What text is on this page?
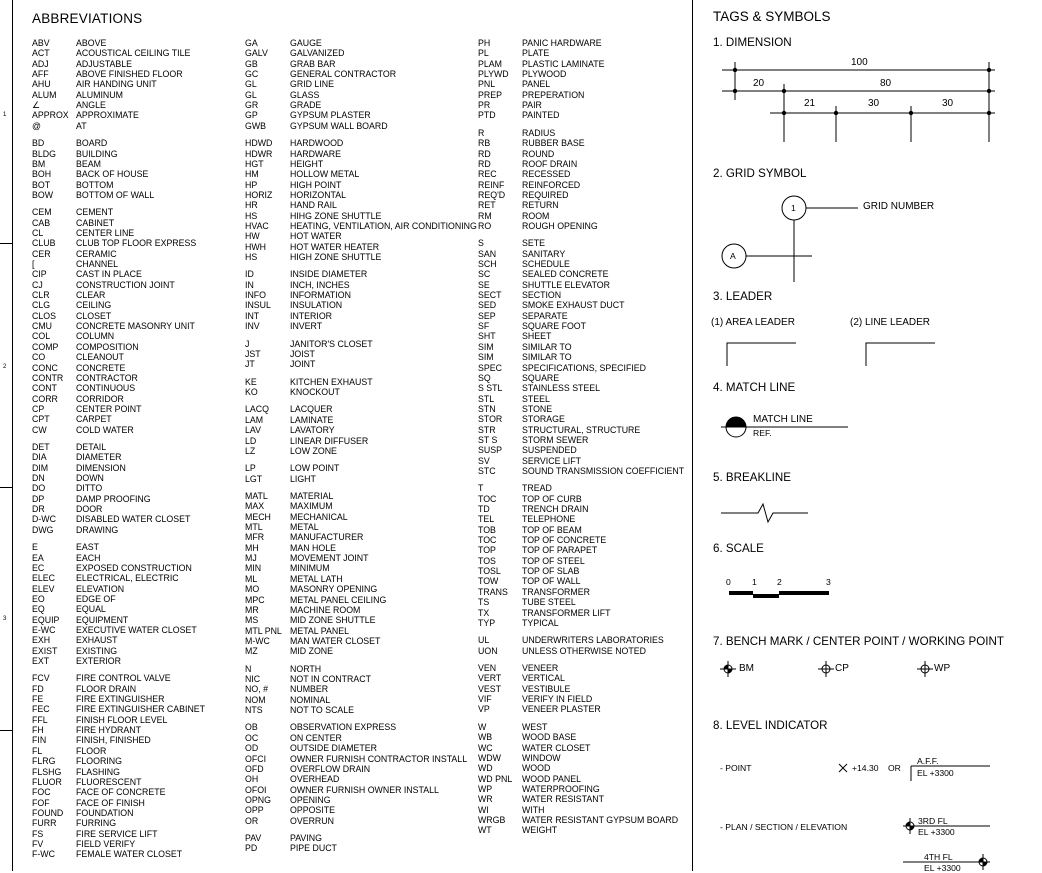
1
2
3
ABBREVIATIONS
ABV	ABOVE
ACT	ACOUSTICAL CEILING TILE
ADJ	ADJUSTABLE
AFF	ABOVE FINISHED FLOOR
AHU	AIR HANDING UNIT
ALUM	ALUMINUM
∠	ANGLE
APPROX APPROXIMATE
@	AT
BD	BOARD
BLDG	BUILDING
BM	BEAM
BOH	BACK OF HOUSE
BOT	BOTTOM
BOW	BOTTOM OF WALL
CEM	CEMENT
CAB	CABINET
CL	CENTER LINE
CLUB	CLUB TOP FLOOR EXPRESS
CER	CERAMIC
[	CHANNEL
CIP	CAST IN PLACE
CJ	CONSTRUCTION JOINT
CLR	CLEAR
CLG	CEILING
CLOS	CLOSET
CMU	CONCRETE MASONRY UNIT
COL	COLUMN
COMP	COMPOSITION
CO	CLEANOUT
CONC	CONCRETE
CONTR	CONTRACTOR
CONT	CONTINUOUS
CORR	CORRIDOR
CP	CENTER POINT
CPT	CARPET
CW	COLD WATER
DET	DETAIL
DIA	DIAMETER
DIM	DIMENSION
DN	DOWN
DO	DITTO
DP	DAMP PROOFING
DR	DOOR
D-WC	DISABLED WATER CLOSET
DWG	DRAWING
E	EAST
EA	EACH
EC	EXPOSED CONSTRUCTION
ELEC	ELECTRICAL, ELECTRIC
ELEV	ELEVATION
EO	EDGE OF
EQ	EQUAL
EQUIP	EQUIPMENT
E-WC	EXECUTIVE WATER CLOSET
EXH	EXHAUST
EXIST	EXISTING
EXT	EXTERIOR
FCV	FIRE CONTROL VALVE
FD	FLOOR DRAIN
FE	FIRE EXTINGUISHER
FEC	FIRE EXTINGUISHER CABINET
FFL	FINISH FLOOR LEVEL
FH	FIRE HYDRANT
FIN	FINISH, FINISHED
FL	FLOOR
FLRG	FLOORING
FLSHG	FLASHING
FLUOR	FLUORESCENT
FOC	FACE OF CONCRETE
FOF	FACE OF FINISH
FOUND	FOUNDATION
FURR	FURRING
FS	FIRE SERVICE LIFT
FV	FIELD VERIFY
F-WC	FEMALE WATER CLOSET
GA	GAUGE
GALV	GALVANIZED
GB	GRAB BAR
GC	GENERAL CONTRACTOR
GL	GRID LINE
GL	GLASS
GR	GRADE
GP	GYPSUM PLASTER
GWB	GYPSUM WALL BOARD
HDWD	HARDWOOD
HDWR	HARDWARE
HGT	HEIGHT
HM	HOLLOW METAL
HP	HIGH POINT
HORIZ	HORIZONTAL
HR	HAND RAIL
HS	HIHG ZONE SHUTTLE
HVAC	HEATING, VENTILATION, AIR CONDITIONING
HW	HOT WATER
HWH	HOT WATER HEATER
HS	HIGH ZONE SHUTTLE
ID	INSIDE DIAMETER
IN	INCH, INCHES
INFO	INFORMATION
INSUL	INSULATION
INT	INTERIOR
INV	INVERT
J	JANITOR'S CLOSET
JST	JOIST
JT	JOINT
KE	KITCHEN EXHAUST
KO	KNOCKOUT
LACQ	LACQUER
LAM	LAMINATE
LAV	LAVATORY
LD	LINEAR DIFFUSER
LZ	LOW ZONE
LP	LOW POINT
LGT	LIGHT
MATL	MATERIAL
MAX	MAXIMUM
MECH	MECHANICAL
MTL	METAL
MFR	MANUFACTURER
MH	MAN HOLE
MJ	MOVEMENT JOINT
MIN	MINIMUM
ML	METAL LATH
MO	MASONRY OPENING
MPC	METAL PANEL CEILING
MR	MACHINE ROOM
MS	MID ZONE SHUTTLE
MTL PNL METAL PANEL
M-WC	MAN WATER CLOSET
MZ	MID ZONE
N	NORTH
NIC	NOT IN CONTRACT
NO, #	NUMBER
NOM	NOMINAL
NTS	NOT TO SCALE
OB	OBSERVATION EXPRESS
OC	ON CENTER
OD	OUTSIDE DIAMETER
OFCI	OWNER FURNISH CONTRACTOR INSTALL
OFD	OVERFLOW DRAIN
OH	OVERHEAD
OFOI	OWNER FURNISH OWNER INSTALL
OPNG	OPENING
OPP	OPPOSITE
OR	OVERRUN
PAV	PAVING
PD	PIPE DUCT
PH	PANIC HARDWARE
PL	PLATE
PLAM	PLASTIC LAMINATE
PLYWD	PLYWOOD
PNL	PANEL
PREP	PREPERATION
PR	PAIR
PTD	PAINTED
R	RADIUS
RB	RUBBER BASE
RD	ROUND
RD	ROOF DRAIN
REC	RECESSED
REINF	REINFORCED
REQ'D	REQUIRED
RET	RETURN
RM	ROOM
RO	ROUGH OPENING
S	SETE
SAN	SANITARY
SCH	SCHEDULE
SC	SEALED CONCRETE
SE	SHUTTLE ELEVATOR
SECT	SECTION
SED	SMOKE EXHAUST DUCT
SEP	SEPARATE
SF	SQUARE FOOT
SHT	SHEET
SIM	SIMILAR TO
SIM	SIMILAR TO
SPEC	SPECIFICATIONS, SPECIFIED
SQ	SQUARE
S STL	STAINLESS STEEL
STL	STEEL
STN	STONE
STOR	STORAGE
STR	STRUCTURAL, STRUCTURE
ST S	STORM SEWER
SUSP	SUSPENDED
SV	SERVICE LIFT
STC	SOUND TRANSMISSION COEFFICIENT
T	TREAD
TOC	TOP OF CURB
TD	TRENCH DRAIN
TEL	TELEPHONE
TOB	TOP OF BEAM
TOC	TOP OF CONCRETE
TOP	TOP OF PARAPET
TOS	TOP OF STEEL
TOSL	TOP OF SLAB
TOW	TOP OF WALL
TRANS	TRANSFORMER
TS	TUBE STEEL
TX	TRANSFORMER LIFT
TYP	TYPICAL
UL	UNDERWRITERS LABORATORIES
UON	UNLESS OTHERWISE NOTED
VEN	VENEER
VERT	VERTICAL
VEST	VESTIBULE
VIF	VERIFY IN FIELD
VP	VENEER PLASTER
W	WEST
WB	WOOD BASE
WC	WATER CLOSET
WDW	WINDOW
WD	WOOD
WD PNL	WOOD PANEL
WP	WATERPROOFING
WR	WATER RESISTANT
WI	WITH
WRGB	WATER RESISTANT GYPSUM BOARD
WT	WEIGHT
TAGS & SYMBOLS
1. DIMENSION
2. GRID SYMBOL
3. LEADER
4. MATCH LINE
5. BREAKLINE
6. SCALE
7. BENCH MARK / CENTER POINT / WORKING POINT
8. LEVEL INDICATOR
100
20	80
21	30	30
1
A
GRID NUMBER
(1) AREA LEADER	(2) LINE LEADER
MATCH LINE
REF.
0 1 2	3
BM	CP	WP
- POINT	+14.30 OR
A.F.F.
EL +3300
- PLAN / SECTION / ELEVATION
3RD FL
EL +3300
4TH FL
EL +3300
